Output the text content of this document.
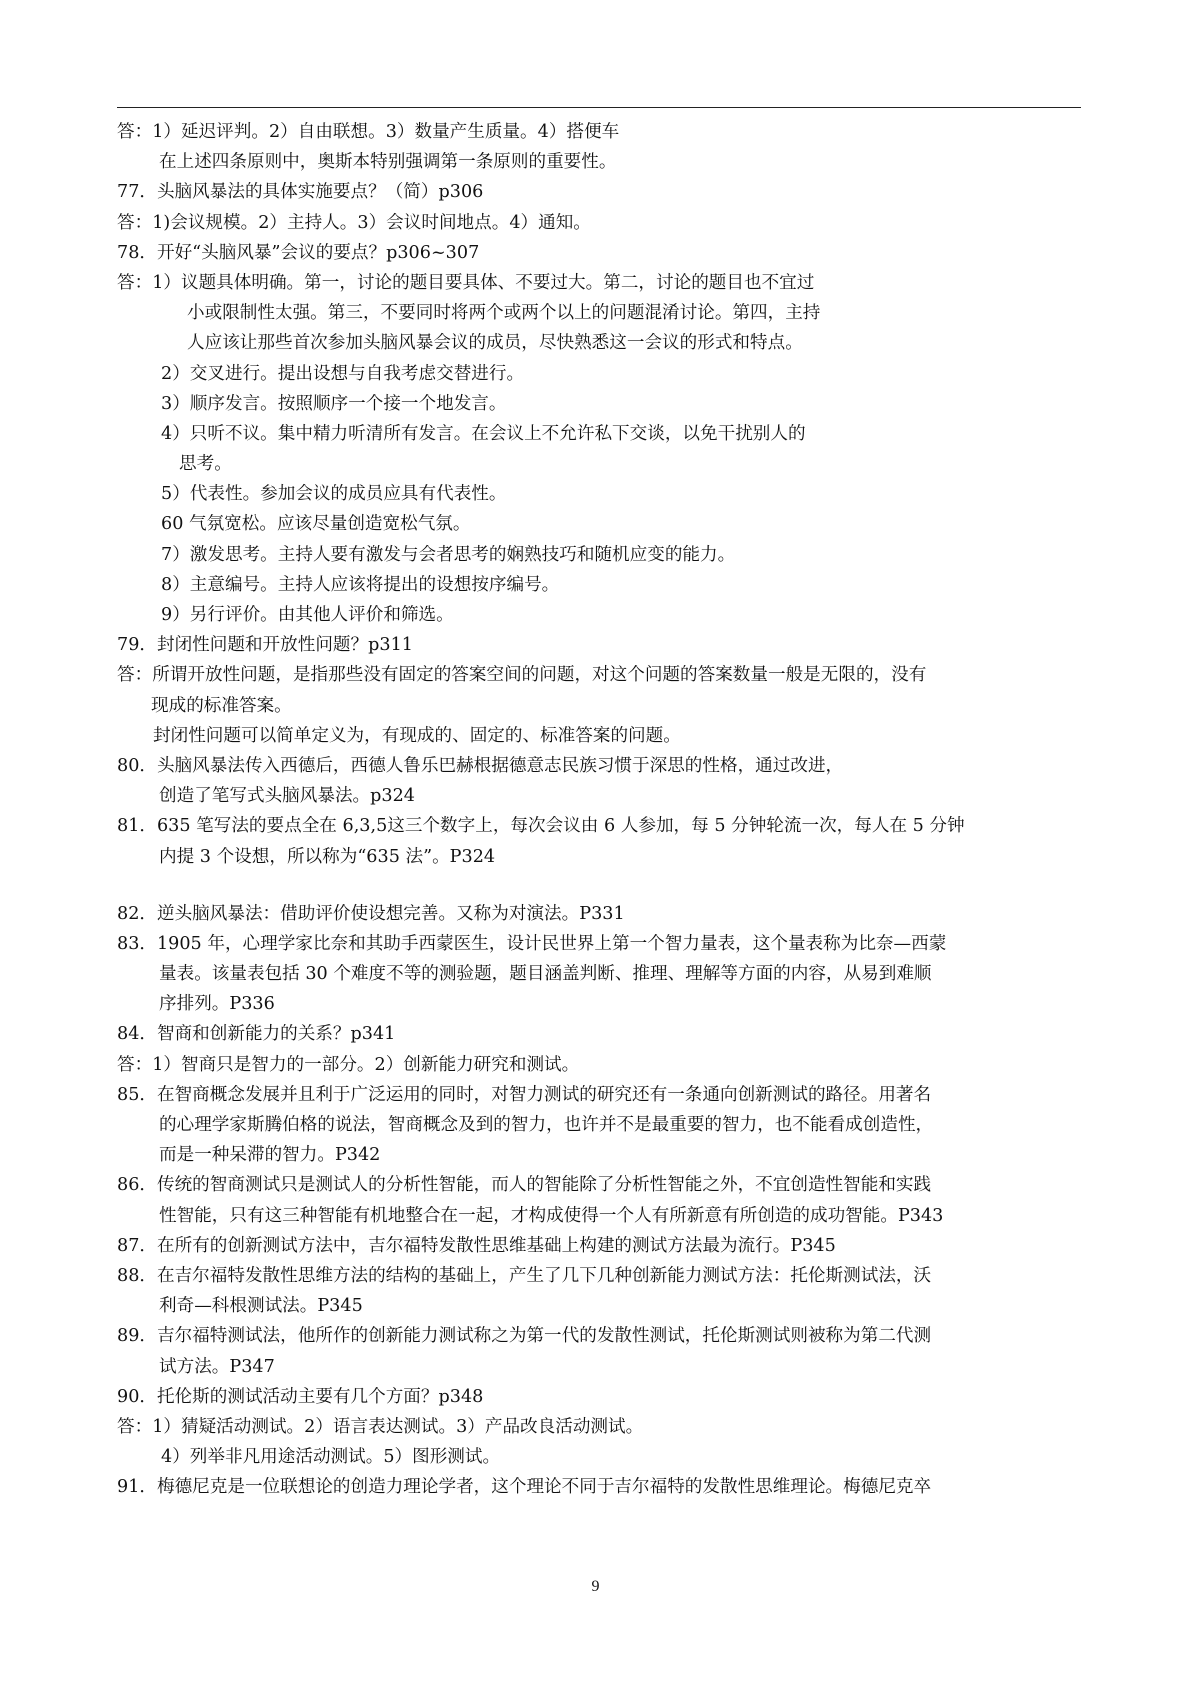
答：1）延迟评判。2）自由联想。3）数量产生质量。4）搭便车
在上述四条原则中，奥斯本特别强调第一条原则的重要性。
77．头脑风暴法的具体实施要点？（简）p306
答：1)会议规模。2）主持人。3）会议时间地点。4）通知。
78．开好“头脑风暴”会议的要点？p306~307
答：1）议题具体明确。第一，讨论的题目要具体、不要过大。第二，讨论的题目也不宜过
小或限制性太强。第三，不要同时将两个或两个以上的问题混淆讨论。第四，主持
人应该让那些首次参加头脑风暴会议的成员，尽快熟悉这一会议的形式和特点。
2）交叉进行。提出设想与自我考虑交替进行。
3）顺序发言。按照顺序一个接一个地发言。
4）只听不议。集中精力听清所有发言。在会议上不允许私下交谈，以免干扰别人的
思考。
5）代表性。参加会议的成员应具有代表性。
60 气氛宽松。应该尽量创造宽松气氛。
7）激发思考。主持人要有激发与会者思考的娴熟技巧和随机应变的能力。
8）主意编号。主持人应该将提出的设想按序编号。
9）另行评价。由其他人评价和筛选。
79．封闭性问题和开放性问题？p311
答：所谓开放性问题，是指那些没有固定的答案空间的问题，对这个问题的答案数量一般是无限的，没有
现成的标准答案。
封闭性问题可以简单定义为，有现成的、固定的、标准答案的问题。
80．头脑风暴法传入西德后，西德人鲁乐巴赫根据德意志民族习惯于深思的性格，通过改进，
创造了笔写式头脑风暴法。p324
81．635 笔写法的要点全在 6,3,5这三个数字上，每次会议由 6 人参加，每 5 分钟轮流一次，每人在 5 分钟
内提 3 个设想，所以称为“635 法”。P324
82．逆头脑风暴法：借助评价使设想完善。又称为对演法。P331
83．1905 年，心理学家比奈和其助手西蒙医生，设计民世界上第一个智力量表，这个量表称为比奈—西蒙
量表。该量表包括 30 个难度不等的测验题，题目涵盖判断、推理、理解等方面的内容，从易到难顺
序排列。P336
84．智商和创新能力的关系？p341
答：1）智商只是智力的一部分。2）创新能力研究和测试。
85．在智商概念发展并且利于广泛运用的同时，对智力测试的研究还有一条通向创新测试的路径。用著名
的心理学家斯腾伯格的说法，智商概念及到的智力，也许并不是最重要的智力，也不能看成创造性，
而是一种呆滞的智力。P342
86．传统的智商测试只是测试人的分析性智能，而人的智能除了分析性智能之外，不宜创造性智能和实践
性智能，只有这三种智能有机地整合在一起，才构成使得一个人有所新意有所创造的成功智能。P343
87．在所有的创新测试方法中，吉尔福特发散性思维基础上构建的测试方法最为流行。P345
88．在吉尔福特发散性思维方法的结构的基础上，产生了几下几种创新能力测试方法：托伦斯测试法，沃
利奇—科根测试法。P345
89．吉尔福特测试法，他所作的创新能力测试称之为第一代的发散性测试，托伦斯测试则被称为第二代测
试方法。P347
90．托伦斯的测试活动主要有几个方面？p348
答：1）猜疑活动测试。2）语言表达测试。3）产品改良活动测试。
4）列举非凡用途活动测试。5）图形测试。
91．梅德尼克是一位联想论的创造力理论学者，这个理论不同于吉尔福特的发散性思维理论。梅德尼克卒
9
